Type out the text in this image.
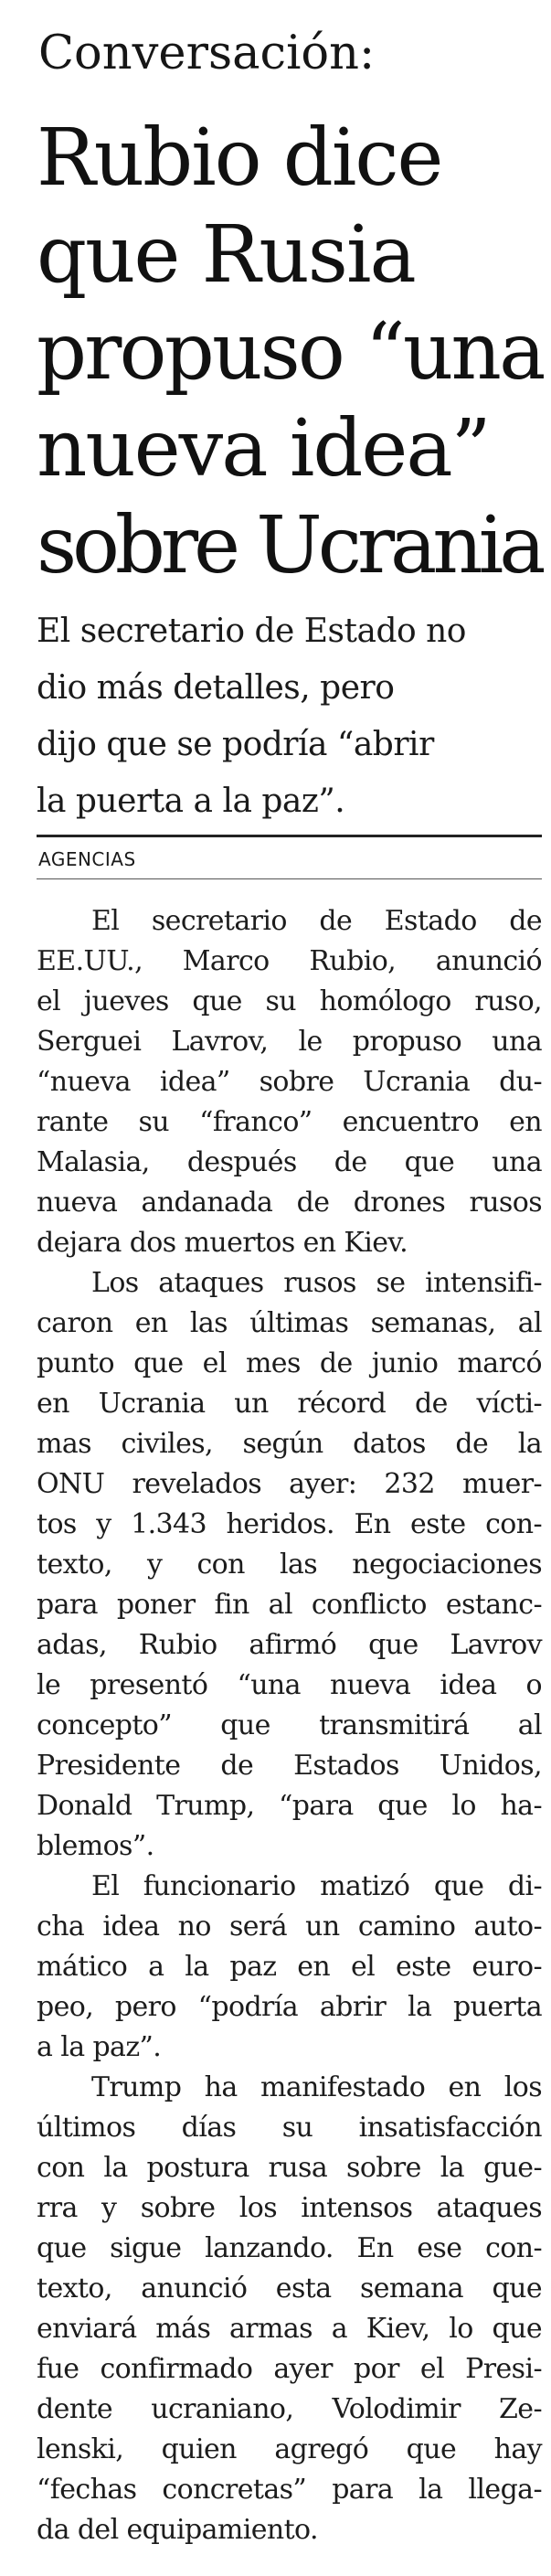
Conversación:
Rubio dice
que Rusia
propuso “una
nueva idea”
sobre Ucrania
El secretario de Estado no
dio más detalles, pero
dijo que se podría “abrir
la puerta a la paz”.
AGENCIAS
El secretario de Estado de
EE.UU., Marco Rubio, anunció
el jueves que su homólogo ruso,
Serguei Lavrov, le propuso una
“nueva idea” sobre Ucrania du-
rante su “franco” encuentro en
Malasia, después de que una
nueva andanada de drones rusos
dejara dos muertos en Kiev.
Los ataques rusos se intensifi-
caron en las últimas semanas, al
punto que el mes de junio marcó
en Ucrania un récord de vícti-
mas civiles, según datos de la
ONU revelados ayer: 232 muer-
tos y 1.343 heridos. En este con-
texto, y con las negociaciones
para poner fin al conflicto estanc-
adas, Rubio afirmó que Lavrov
le presentó “una nueva idea o
concepto” que transmitirá al
Presidente de Estados Unidos,
Donald Trump, “para que lo ha-
blemos”.
El funcionario matizó que di-
cha idea no será un camino auto-
mático a la paz en el este euro-
peo, pero “podría abrir la puerta
a la paz”.
Trump ha manifestado en los
últimos días su insatisfacción
con la postura rusa sobre la gue-
rra y sobre los intensos ataques
que sigue lanzando. En ese con-
texto, anunció esta semana que
enviará más armas a Kiev, lo que
fue confirmado ayer por el Presi-
dente ucraniano, Volodimir Ze-
lenski, quien agregó que hay
“fechas concretas” para la llega-
da del equipamiento.
